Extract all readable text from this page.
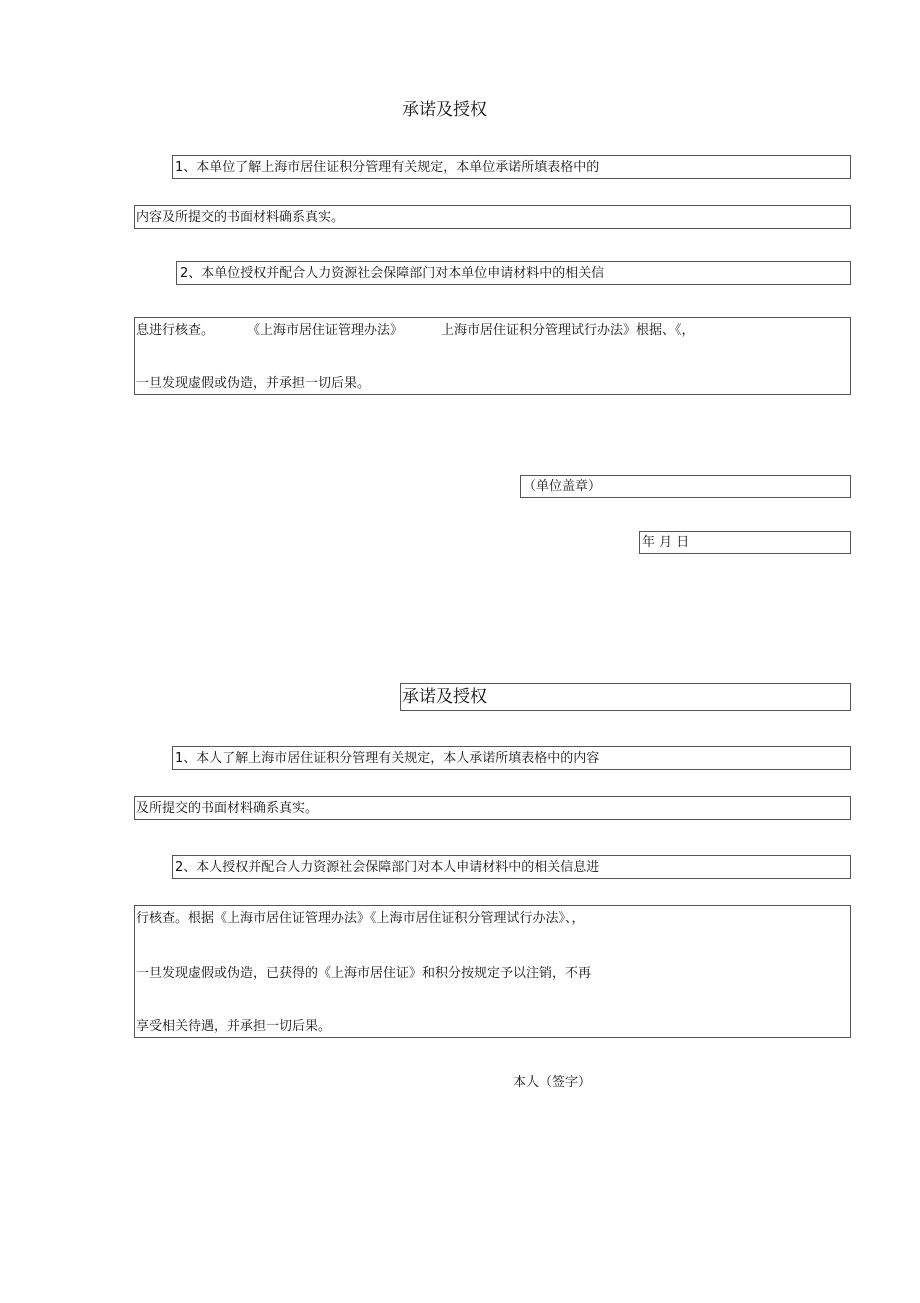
承诺及授权
1、本单位了解上海市居住证积分管理有关规定，本单位承诺所填表格中的
内容及所提交的书面材料确系真实。
2、本单位授权并配合人力资源社会保障部门对本单位申请材料中的相关信
息进行核查。	《上海市居住证管理办法》	上海市居住证积分管理试行办法》根据、《，
一旦发现虚假或伪造，并承担一切后果。
（单位盖章）
年 月 日
承诺及授权
1、本人了解上海市居住证积分管理有关规定，本人承诺所填表格中的内容
及所提交的书面材料确系真实。
2、本人授权并配合人力资源社会保障部门对本人申请材料中的相关信息进
行核查。根据《上海市居住证管理办法》《上海市居住证积分管理试行办法》、，
一旦发现虚假或伪造，已获得的《上海市居住证》和积分按规定予以注销，不再
享受相关待遇，并承担一切后果。
本人（签字）
